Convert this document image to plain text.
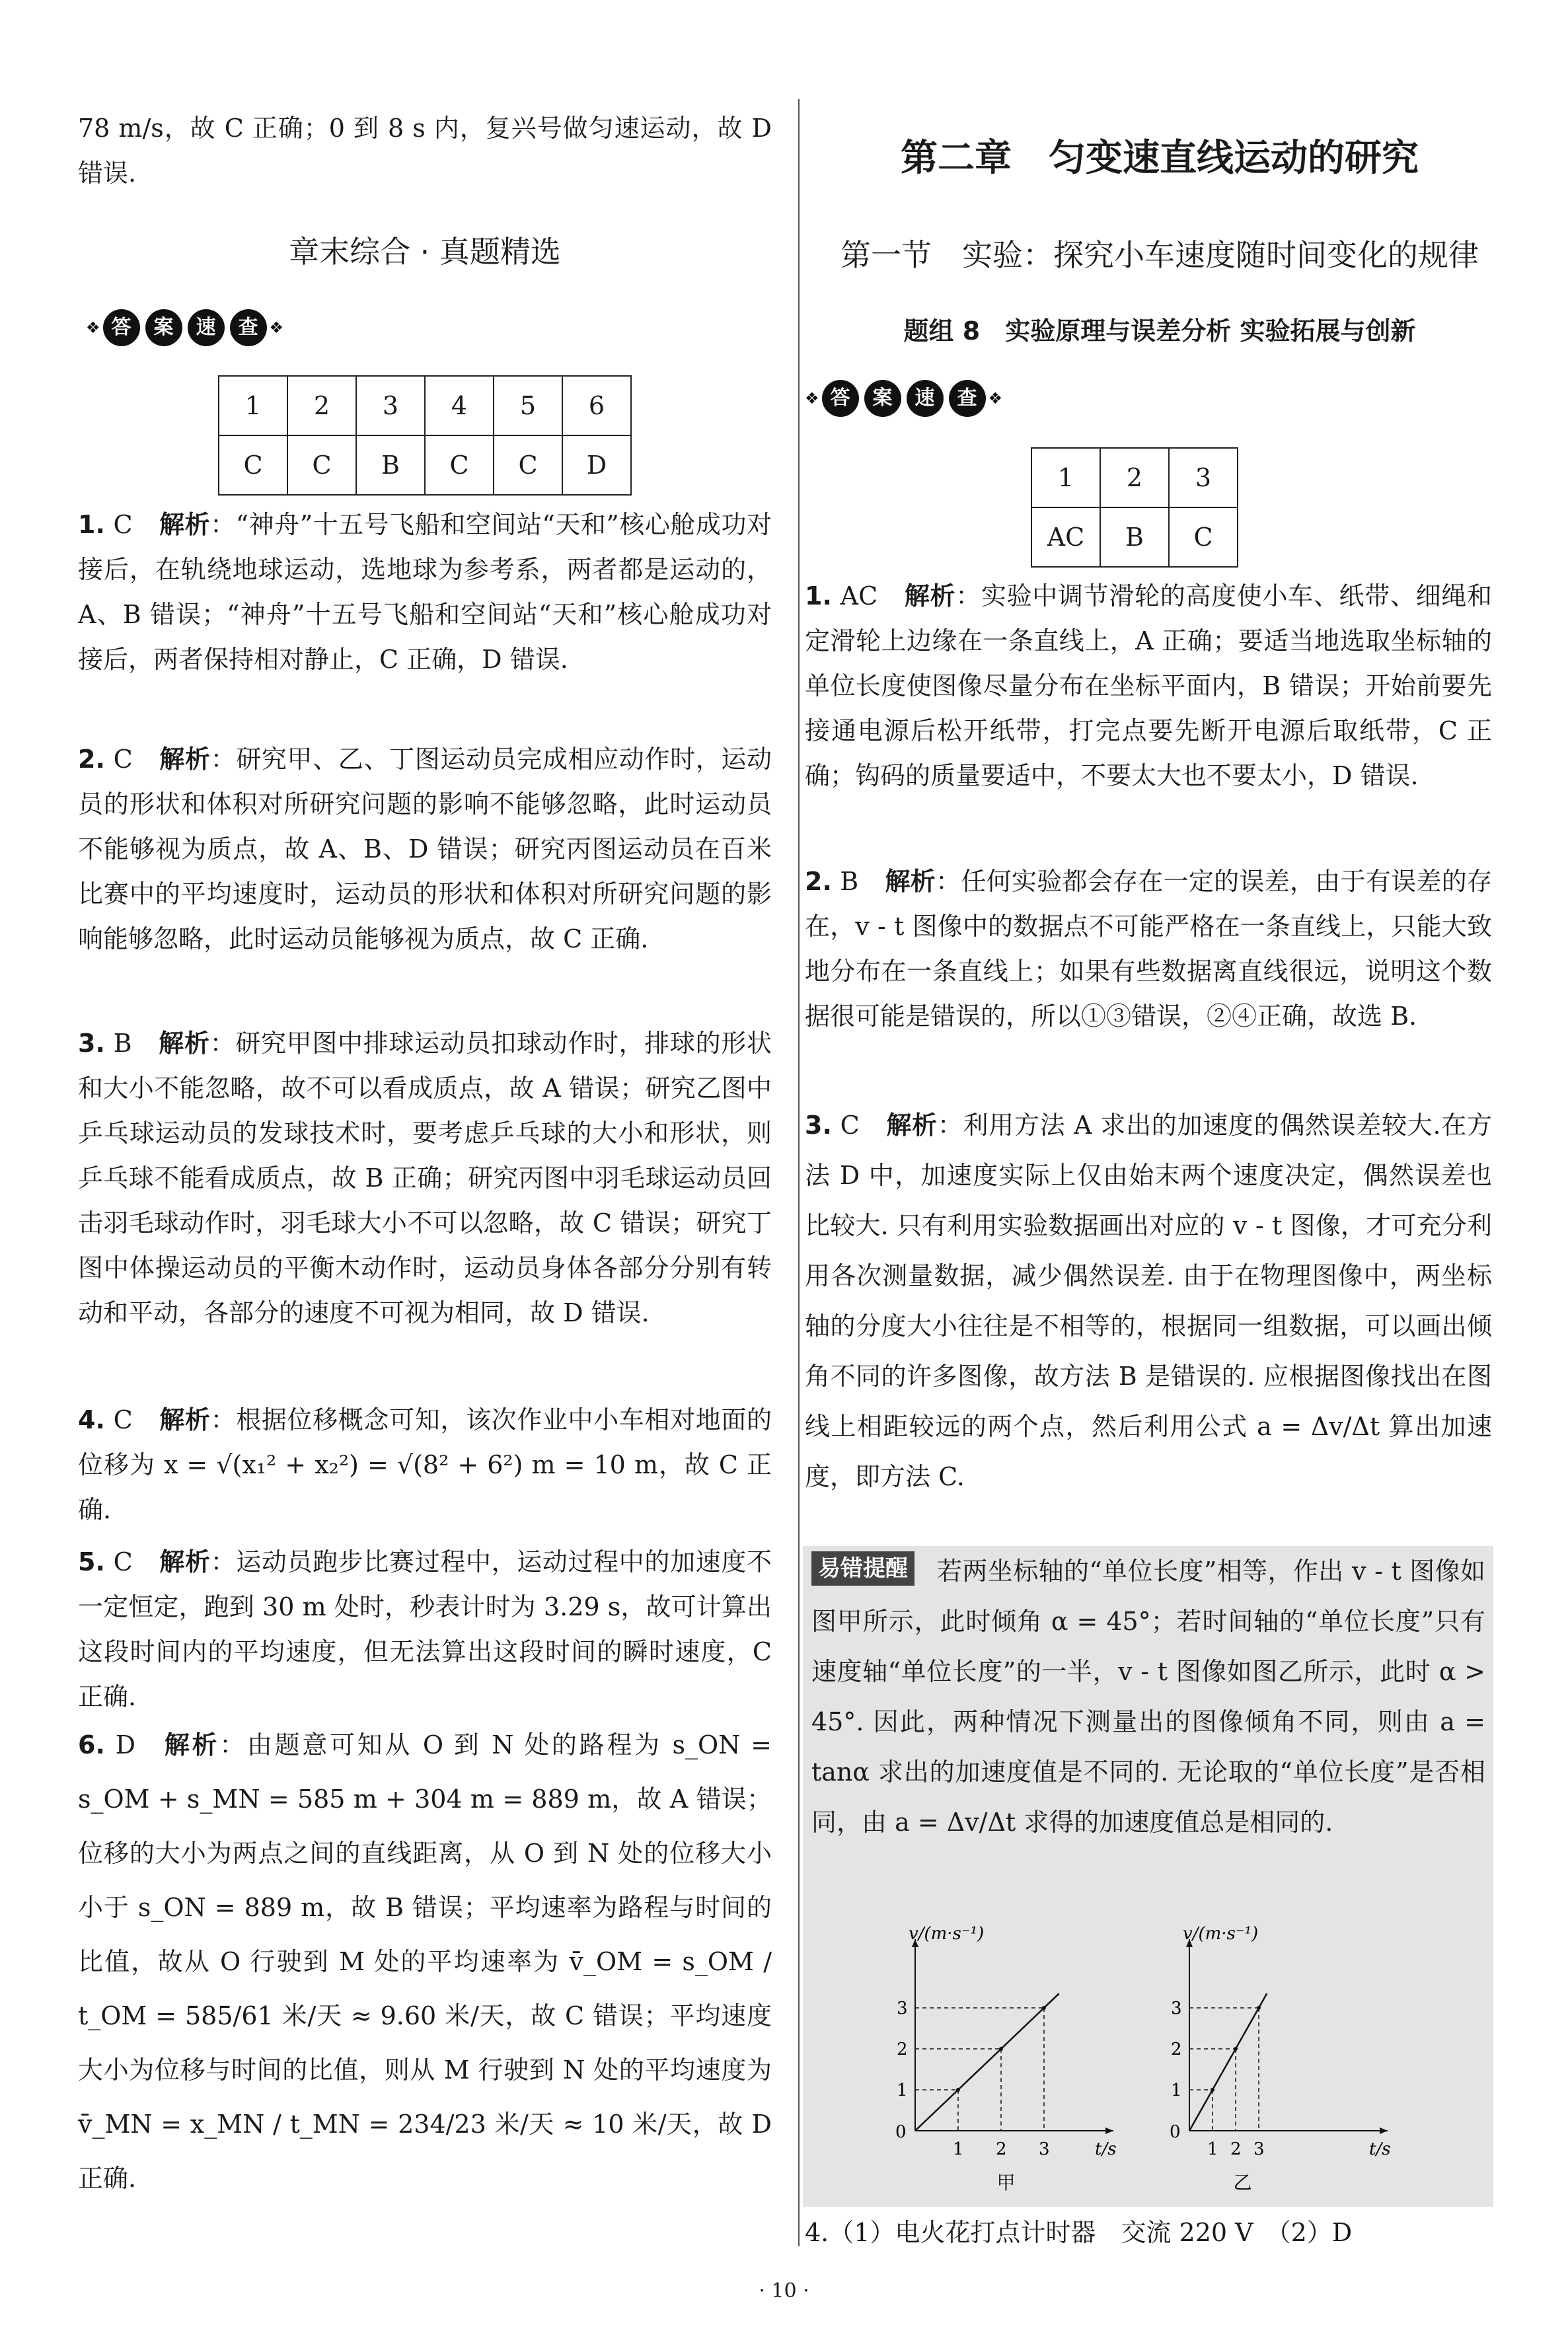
78 m/s，故 C 正确；0 到 8 s 内，复兴号做匀速运动，故 D 错误.
章末综合 · 真题精选
❖ 答	案	速	查 ❖
1	2	3	4	5	6
C	C	B	C	C	D
1. C 解析：“神舟”十五号飞船和空间站“天和”核心舱成功对接后，在轨绕地球运动，选地球为参考系，两者都是运动的，A、B 错误；“神舟”十五号飞船和空间站“天和”核心舱成功对接后，两者保持相对静止，C 正确，D 错误.
2. C 解析：研究甲、乙、丁图运动员完成相应动作时，运动员的形状和体积对所研究问题的影响不能够忽略，此时运动员不能够视为质点，故 A、B、D 错误；研究丙图运动员在百米比赛中的平均速度时，运动员的形状和体积对所研究问题的影响能够忽略，此时运动员能够视为质点，故 C 正确.
3. B 解析：研究甲图中排球运动员扣球动作时，排球的形状和大小不能忽略，故不可以看成质点，故 A 错误；研究乙图中乒乓球运动员的发球技术时，要考虑乒乓球的大小和形状，则乒乓球不能看成质点，故 B 正确；研究丙图中羽毛球运动员回击羽毛球动作时，羽毛球大小不可以忽略，故 C 错误；研究丁图中体操运动员的平衡木动作时，运动员身体各部分分别有转动和平动，各部分的速度不可视为相同，故 D 错误.
4. C 解析：根据位移概念可知，该次作业中小车相对地面的位移为 x = √(x₁² + x₂²) = √(8² + 6²) m = 10 m，故 C 正确.
5. C 解析：运动员跑步比赛过程中，运动过程中的加速度不一定恒定，跑到 30 m 处时，秒表计时为 3.29 s，故可计算出这段时间内的平均速度，但无法算出这段时间的瞬时速度，C 正确.
6. D 解析：由题意可知从 O 到 N 处的路程为 s_ON = s_OM + s_MN = 585 m + 304 m = 889 m，故 A 错误；位移的大小为两点之间的直线距离，从 O 到 N 处的位移大小小于 s_ON = 889 m，故 B 错误；平均速率为路程与时间的比值，故从 O 行驶到 M 处的平均速率为 v̄_OM = s_OM / t_OM = 585/61 米/天 ≈ 9.60 米/天，故 C 错误；平均速度大小为位移与时间的比值，则从 M 行驶到 N 处的平均速度为 v̄_MN = x_MN / t_MN = 234/23 米/天 ≈ 10 米/天，故 D 正确.
第二章　匀变速直线运动的研究
第一节　实验：探究小车速度随时间变化的规律
题组 8　实验原理与误差分析 实验拓展与创新
❖ 答	案	速	查 ❖
1	2	3
AC	B	C
1. AC 解析：实验中调节滑轮的高度使小车、纸带、细绳和定滑轮上边缘在一条直线上，A 正确；要适当地选取坐标轴的单位长度使图像尽量分布在坐标平面内，B 错误；开始前要先接通电源后松开纸带，打完点要先断开电源后取纸带，C 正确；钩码的质量要适中，不要太大也不要太小，D 错误.
2. B 解析：任何实验都会存在一定的误差，由于有误差的存在，v - t 图像中的数据点不可能严格在一条直线上，只能大致地分布在一条直线上；如果有些数据离直线很远，说明这个数据很可能是错误的，所以①③错误，②④正确，故选 B.
3. C 解析：利用方法 A 求出的加速度的偶然误差较大.在方法 D 中，加速度实际上仅由始末两个速度决定，偶然误差也比较大. 只有利用实验数据画出对应的 v - t 图像，才可充分利用各次测量数据，减少偶然误差. 由于在物理图像中，两坐标轴的分度大小往往是不相等的，根据同一组数据，可以画出倾角不同的许多图像，故方法 B 是错误的. 应根据图像找出在图线上相距较远的两个点，然后利用公式 a = Δv/Δt 算出加速度，即方法 C.
易错提醒	若两坐标轴的“单位长度”相等，作出 v - t 图像如图甲所示，此时倾角 α = 45°；若时间轴的“单位长度”只有速度轴“单位长度”的一半，v - t 图像如图乙所示，此时 α > 45°. 因此，两种情况下测量出的图像倾角不同，则由 a = tanα 求出的加速度值是不同的. 无论取的“单位长度”是否相同，由 a = Δv/Δt 求得的加速度值总是相同的.
v/(m·s⁻¹)
t/s
0
1 2 3
1
2
3
甲
v/(m·s⁻¹)
t/s
0
1 2 3
1
2
3
乙
4.（1）电火花打点计时器　交流 220 V　（2）D
· 10 ·
